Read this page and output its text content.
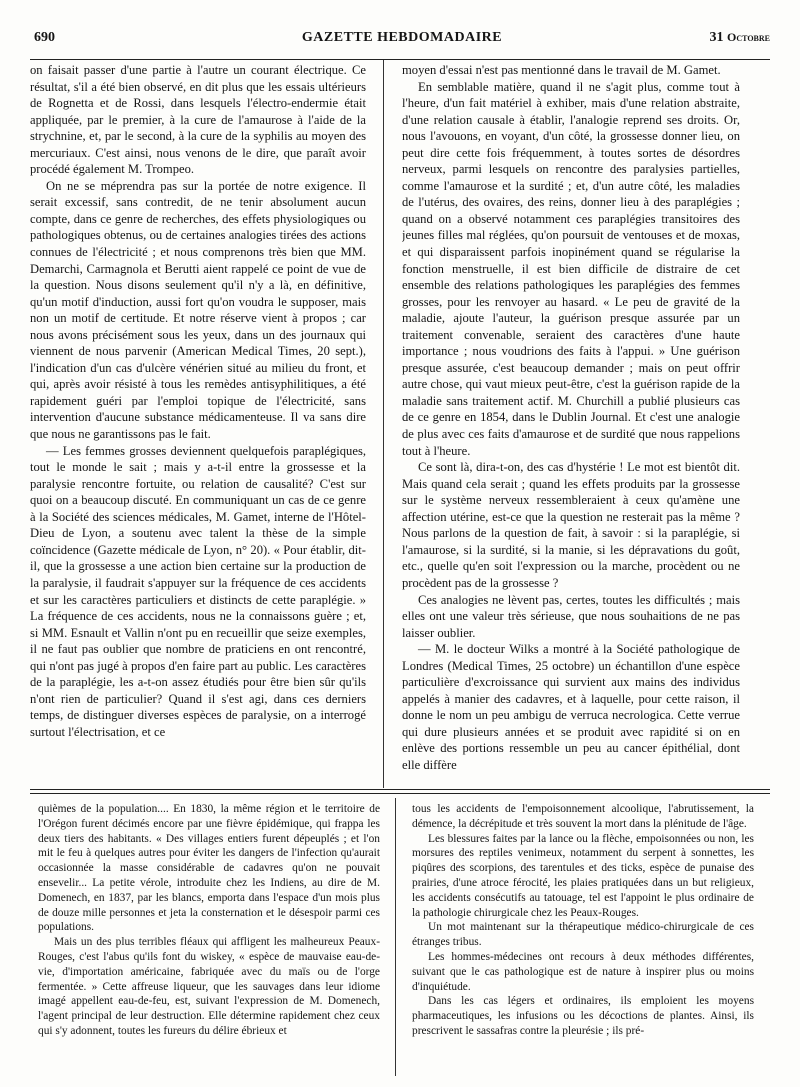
690	GAZETTE HEBDOMADAIRE	31 Octobre

on faisait passer d'une partie à l'autre un courant électrique. Ce résultat, s'il a été bien observé, en dit plus que les essais ultérieurs de Rognetta et de Rossi, dans lesquels l'électro-endermie était appliquée, par le premier, à la cure de l'amaurose à l'aide de la strychnine, et, par le second, à la cure de la syphilis au moyen des mercuriaux. C'est ainsi, nous venons de le dire, que paraît avoir procédé également M. Trompeo.

On ne se méprendra pas sur la portée de notre exigence. Il serait excessif, sans contredit, de ne tenir absolument aucun compte, dans ce genre de recherches, des effets physiologiques ou pathologiques obtenus, ou de certaines analogies tirées des actions connues de l'électricité ; et nous comprenons très bien que MM. Demarchi, Carmagnola et Berutti aient rappelé ce point de vue de la question. Nous disons seulement qu'il n'y a là, en définitive, qu'un motif d'induction, aussi fort qu'on voudra le supposer, mais non un motif de certitude. Et notre réserve vient à propos ; car nous avons précisément sous les yeux, dans un des journaux qui viennent de nous parvenir (American Medical Times, 20 sept.), l'indication d'un cas d'ulcère vénérien situé au milieu du front, et qui, après avoir résisté à tous les remèdes antisyphilitiques, a été rapidement guéri par l'emploi topique de l'électricité, sans intervention d'aucune substance médicamenteuse. Il va sans dire que nous ne garantissons pas le fait.

— Les femmes grosses deviennent quelquefois paraplégiques, tout le monde le sait ; mais y a-t-il entre la grossesse et la paralysie rencontre fortuite, ou relation de causalité? C'est sur quoi on a beaucoup discuté. En communiquant un cas de ce genre à la Société des sciences médicales, M. Gamet, interne de l'Hôtel-Dieu de Lyon, a soutenu avec talent la thèse de la simple coïncidence (Gazette médicale de Lyon, n° 20). « Pour établir, dit-il, que la grossesse a une action bien certaine sur la production de la paralysie, il faudrait s'appuyer sur la fréquence de ces accidents et sur les caractères particuliers et distincts de cette paraplégie. » La fréquence de ces accidents, nous ne la connaissons guère ; et, si MM. Esnault et Vallin n'ont pu en recueillir que seize exemples, il ne faut pas oublier que nombre de praticiens en ont rencontré, qui n'ont pas jugé à propos d'en faire part au public. Les caractères de la paraplégie, les a-t-on assez étudiés pour être bien sûr qu'ils n'ont rien de particulier? Quand il s'est agi, dans ces derniers temps, de distinguer diverses espèces de paralysie, on a interrogé surtout l'électrisation, et ce

moyen d'essai n'est pas mentionné dans le travail de M. Gamet.

En semblable matière, quand il ne s'agit plus, comme tout à l'heure, d'un fait matériel à exhiber, mais d'une relation abstraite, d'une relation causale à établir, l'analogie reprend ses droits. Or, nous l'avouons, en voyant, d'un côté, la grossesse donner lieu, on peut dire cette fois fréquemment, à toutes sortes de désordres nerveux, parmi lesquels on rencontre des paralysies partielles, comme l'amaurose et la surdité ; et, d'un autre côté, les maladies de l'utérus, des ovaires, des reins, donner lieu à des paraplégies ; quand on a observé notamment ces paraplégies transitoires des jeunes filles mal réglées, qu'on poursuit de ventouses et de moxas, et qui disparaissent parfois inopinément quand se régularise la fonction menstruelle, il est bien difficile de distraire de cet ensemble des relations pathologiques les paraplégies des femmes grosses, pour les renvoyer au hasard. « Le peu de gravité de la maladie, ajoute l'auteur, la guérison presque assurée par un traitement convenable, seraient des caractères d'une haute importance ; nous voudrions des faits à l'appui. » Une guérison presque assurée, c'est beaucoup demander ; mais on peut offrir autre chose, qui vaut mieux peut-être, c'est la guérison rapide de la maladie sans traitement actif. M. Churchill a publié plusieurs cas de ce genre en 1854, dans le Dublin Journal. Et c'est une analogie de plus avec ces faits d'amaurose et de surdité que nous rappelions tout à l'heure.

Ce sont là, dira-t-on, des cas d'hystérie ! Le mot est bientôt dit. Mais quand cela serait ; quand les effets produits par la grossesse sur le système nerveux ressembleraient à ceux qu'amène une affection utérine, est-ce que la question ne resterait pas la même ? Nous parlons de la question de fait, à savoir : si la paraplégie, si l'amaurose, si la surdité, si la manie, si les dépravations du goût, etc., quelle qu'en soit l'expression ou la marche, procèdent ou ne procèdent pas de la grossesse ?

Ces analogies ne lèvent pas, certes, toutes les difficultés ; mais elles ont une valeur très sérieuse, que nous souhaitions de ne pas laisser oublier.

— M. le docteur Wilks a montré à la Société pathologique de Londres (Medical Times, 25 octobre) un échantillon d'une espèce particulière d'excroissance qui survient aux mains des individus appelés à manier des cadavres, et à laquelle, pour cette raison, il donne le nom un peu ambigu de verruca necrologica. Cette verrue qui dure plusieurs années et se produit avec rapidité si on en enlève des portions ressemble un peu au cancer épithélial, dont elle diffère

quièmes de la population.... En 1830, la même région et le territoire de l'Orégon furent décimés encore par une fièvre épidémique, qui frappa les deux tiers des habitants. « Des villages entiers furent dépeuplés ; et l'on mit le feu à quelques autres pour éviter les dangers de l'infection qu'aurait occasionnée la masse considérable de cadavres qu'on ne pouvait ensevelir... La petite vérole, introduite chez les Indiens, au dire de M. Domenech, en 1837, par les blancs, emporta dans l'espace d'un mois plus de douze mille personnes et jeta la consternation et le désespoir parmi ces populations.

Mais un des plus terribles fléaux qui affligent les malheureux Peaux-Rouges, c'est l'abus qu'ils font du wiskey, « espèce de mauvaise eau-de-vie, d'importation américaine, fabriquée avec du maïs ou de l'orge fermentée. » Cette affreuse liqueur, que les sauvages dans leur idiome imagé appellent eau-de-feu, est, suivant l'expression de M. Domenech, l'agent principal de leur destruction. Elle détermine rapidement chez ceux qui s'y adonnent, toutes les fureurs du délire ébrieux et

tous les accidents de l'empoisonnement alcoolique, l'abrutissement, la démence, la décrépitude et très souvent la mort dans la plénitude de l'âge.

Les blessures faites par la lance ou la flèche, empoisonnées ou non, les morsures des reptiles venimeux, notamment du serpent à sonnettes, les piqûres des scorpions, des tarentules et des ticks, espèce de punaise des prairies, d'une atroce férocité, les plaies pratiquées dans un but religieux, les accidents consécutifs au tatouage, tel est l'appoint le plus ordinaire de la pathologie chirurgicale chez les Peaux-Rouges.

Un mot maintenant sur la thérapeutique médico-chirurgicale de ces étranges tribus.

Les hommes-médecines ont recours à deux méthodes différentes, suivant que le cas pathologique est de nature à inspirer plus ou moins d'inquiétude.

Dans les cas légers et ordinaires, ils emploient les moyens pharmaceutiques, les infusions ou les décoctions de plantes. Ainsi, ils prescrivent le sassafras contre la pleurésie ; ils pré-
